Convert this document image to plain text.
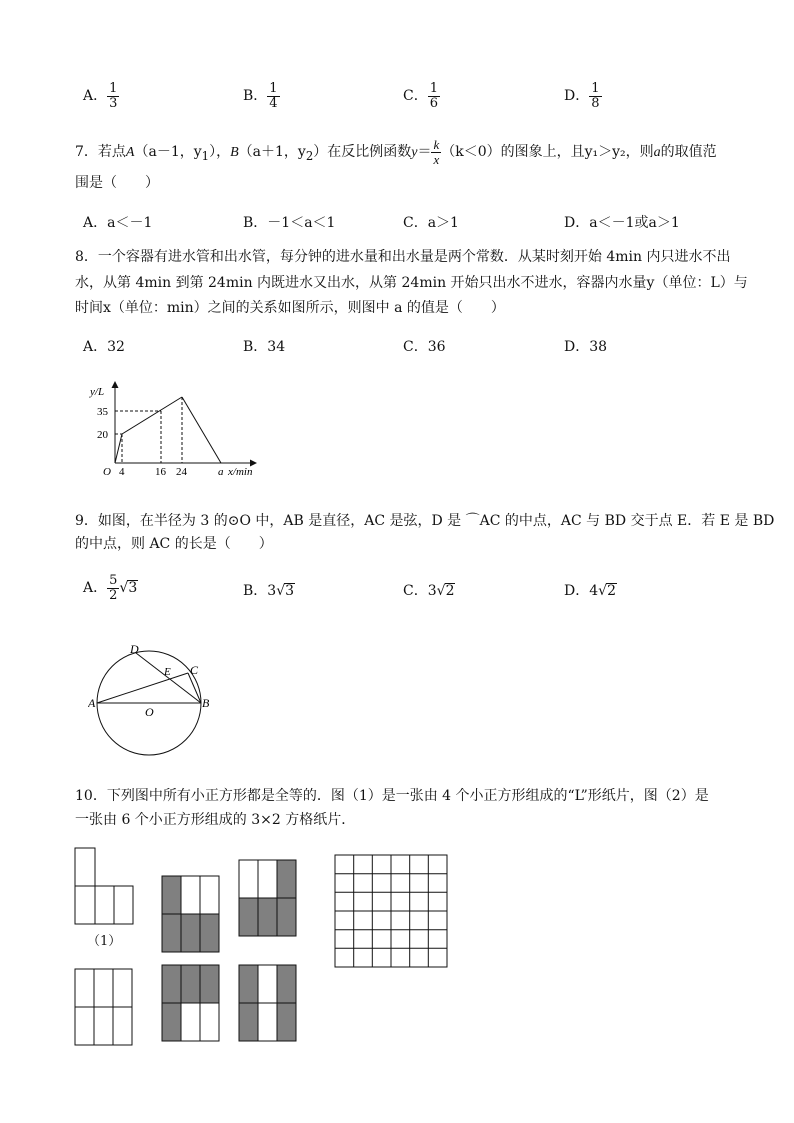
A． $\frac{1}{3}$	B． $\frac{1}{4}$	C． $\frac{1}{6}$	D． $\frac{1}{8}$
7．若点A（a－1，$y_1$），B（a＋1，$y_2$）在反比例函数$y= \frac{k}{x} (k<0)$的图象上，且y₁＞y₂，则a的取值范
围是（　　）
A．a＜－1	B．－1＜a＜1	C．a＞1	D．a＜－1或a＞1
8．一个容器有进水管和出水管，每分钟的进水量和出水量是两个常数．从某时刻开始 4min 内只进水不出
水，从第 4min 到第 24min 内既进水又出水，从第 24min 开始只出水不进水，容器内水量y（单位：L）与
时间x（单位：min）之间的关系如图所示，则图中 a 的值是（　　）
A．32	B．34	C．36	D．38
y/L
35
20
O 4	16 24	a x/min
9．如图，在半径为 3 的⊙O 中，AB 是直径，AC 是弦，D 是 ⌒AC 的中点，AC 与 BD 交于点 E．若 E 是 BD
的中点，则 AC 的长是（　　）
A． $\frac{5}{2} √3$	B．3√3	C．3√2	D．4√2
A	B
C
D
E
O
10．下列图中所有小正方形都是全等的．图（1）是一张由 4 个小正方形组成的“L”形纸片，图（2）是
一张由 6 个小正方形组成的 3×2 方格纸片．
（1）
